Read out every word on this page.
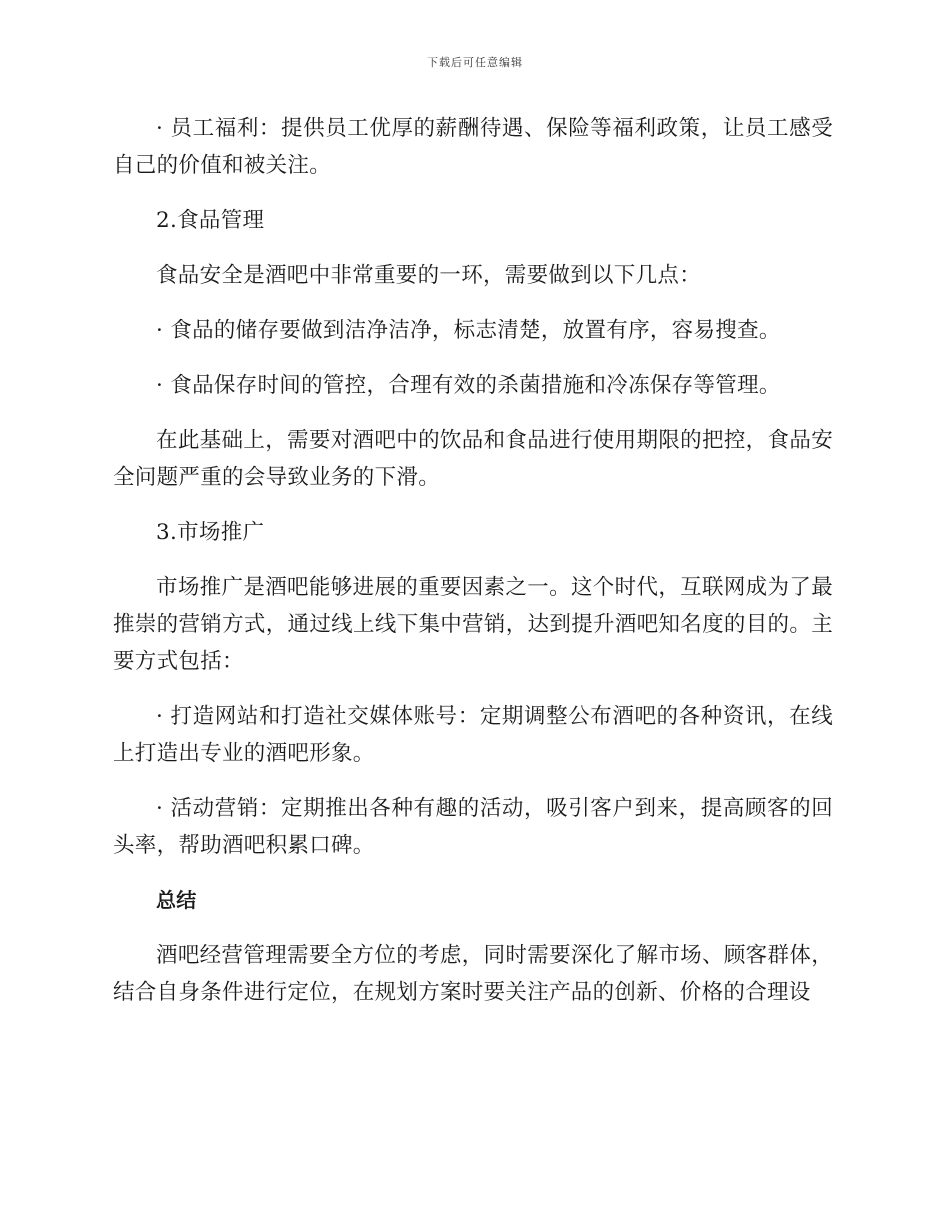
下载后可任意编辑

· 员工福利：提供员工优厚的薪酬待遇、保险等福利政策，让员工感受自己的价值和被关注。

2.食品管理

食品安全是酒吧中非常重要的一环，需要做到以下几点：

· 食品的储存要做到洁净洁净，标志清楚，放置有序，容易搜查。

· 食品保存时间的管控，合理有效的杀菌措施和冷冻保存等管理。

在此基础上，需要对酒吧中的饮品和食品进行使用期限的把控，食品安全问题严重的会导致业务的下滑。

3.市场推广

市场推广是酒吧能够进展的重要因素之一。这个时代，互联网成为了最推崇的营销方式，通过线上线下集中营销，达到提升酒吧知名度的目的。主要方式包括：

· 打造网站和打造社交媒体账号：定期调整公布酒吧的各种资讯，在线上打造出专业的酒吧形象。

· 活动营销：定期推出各种有趣的活动，吸引客户到来，提高顾客的回头率，帮助酒吧积累口碑。

总结

酒吧经营管理需要全方位的考虑，同时需要深化了解市场、顾客群体，结合自身条件进行定位，在规划方案时要关注产品的创新、价格的合理设
